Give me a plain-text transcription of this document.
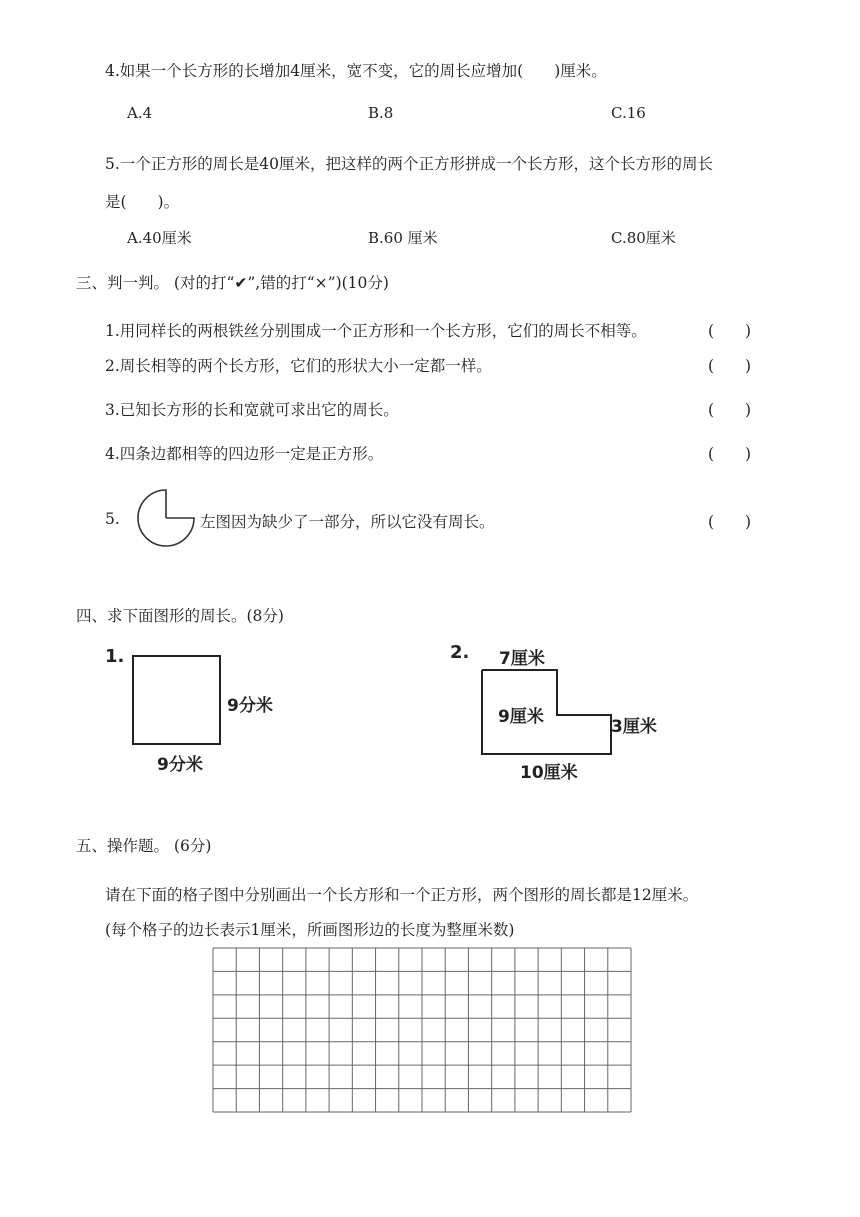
4.如果一个长方形的长增加4厘米，宽不变，它的周长应增加(　　)厘米。
A.4	B.8	C.16
5.一个正方形的周长是40厘米，把这样的两个正方形拼成一个长方形，这个长方形的周长
是(　　)。
A.40厘米	B.60 厘米	C.80厘米
三、判一判。 (对的打“✔”,错的打“×”)(10分)
1.用同样长的两根铁丝分别围成一个正方形和一个长方形，它们的周长不相等。	(　　)
2.周长相等的两个长方形，它们的形状大小一定都一样。	(　　)
3.已知长方形的长和宽就可求出它的周长。	(　　)
4.四条边都相等的四边形一定是正方形。	(　　)
5.	左图因为缺少了一部分，所以它没有周长。	(　　)
四、求下面图形的周长。(8分)
1.
9分米
9分米
2. 7厘米
9厘米	3厘米
10厘米
五、操作题。 (6分)
请在下面的格子图中分别画出一个长方形和一个正方形，两个图形的周长都是12厘米。
(每个格子的边长表示1厘米，所画图形边的长度为整厘米数)
